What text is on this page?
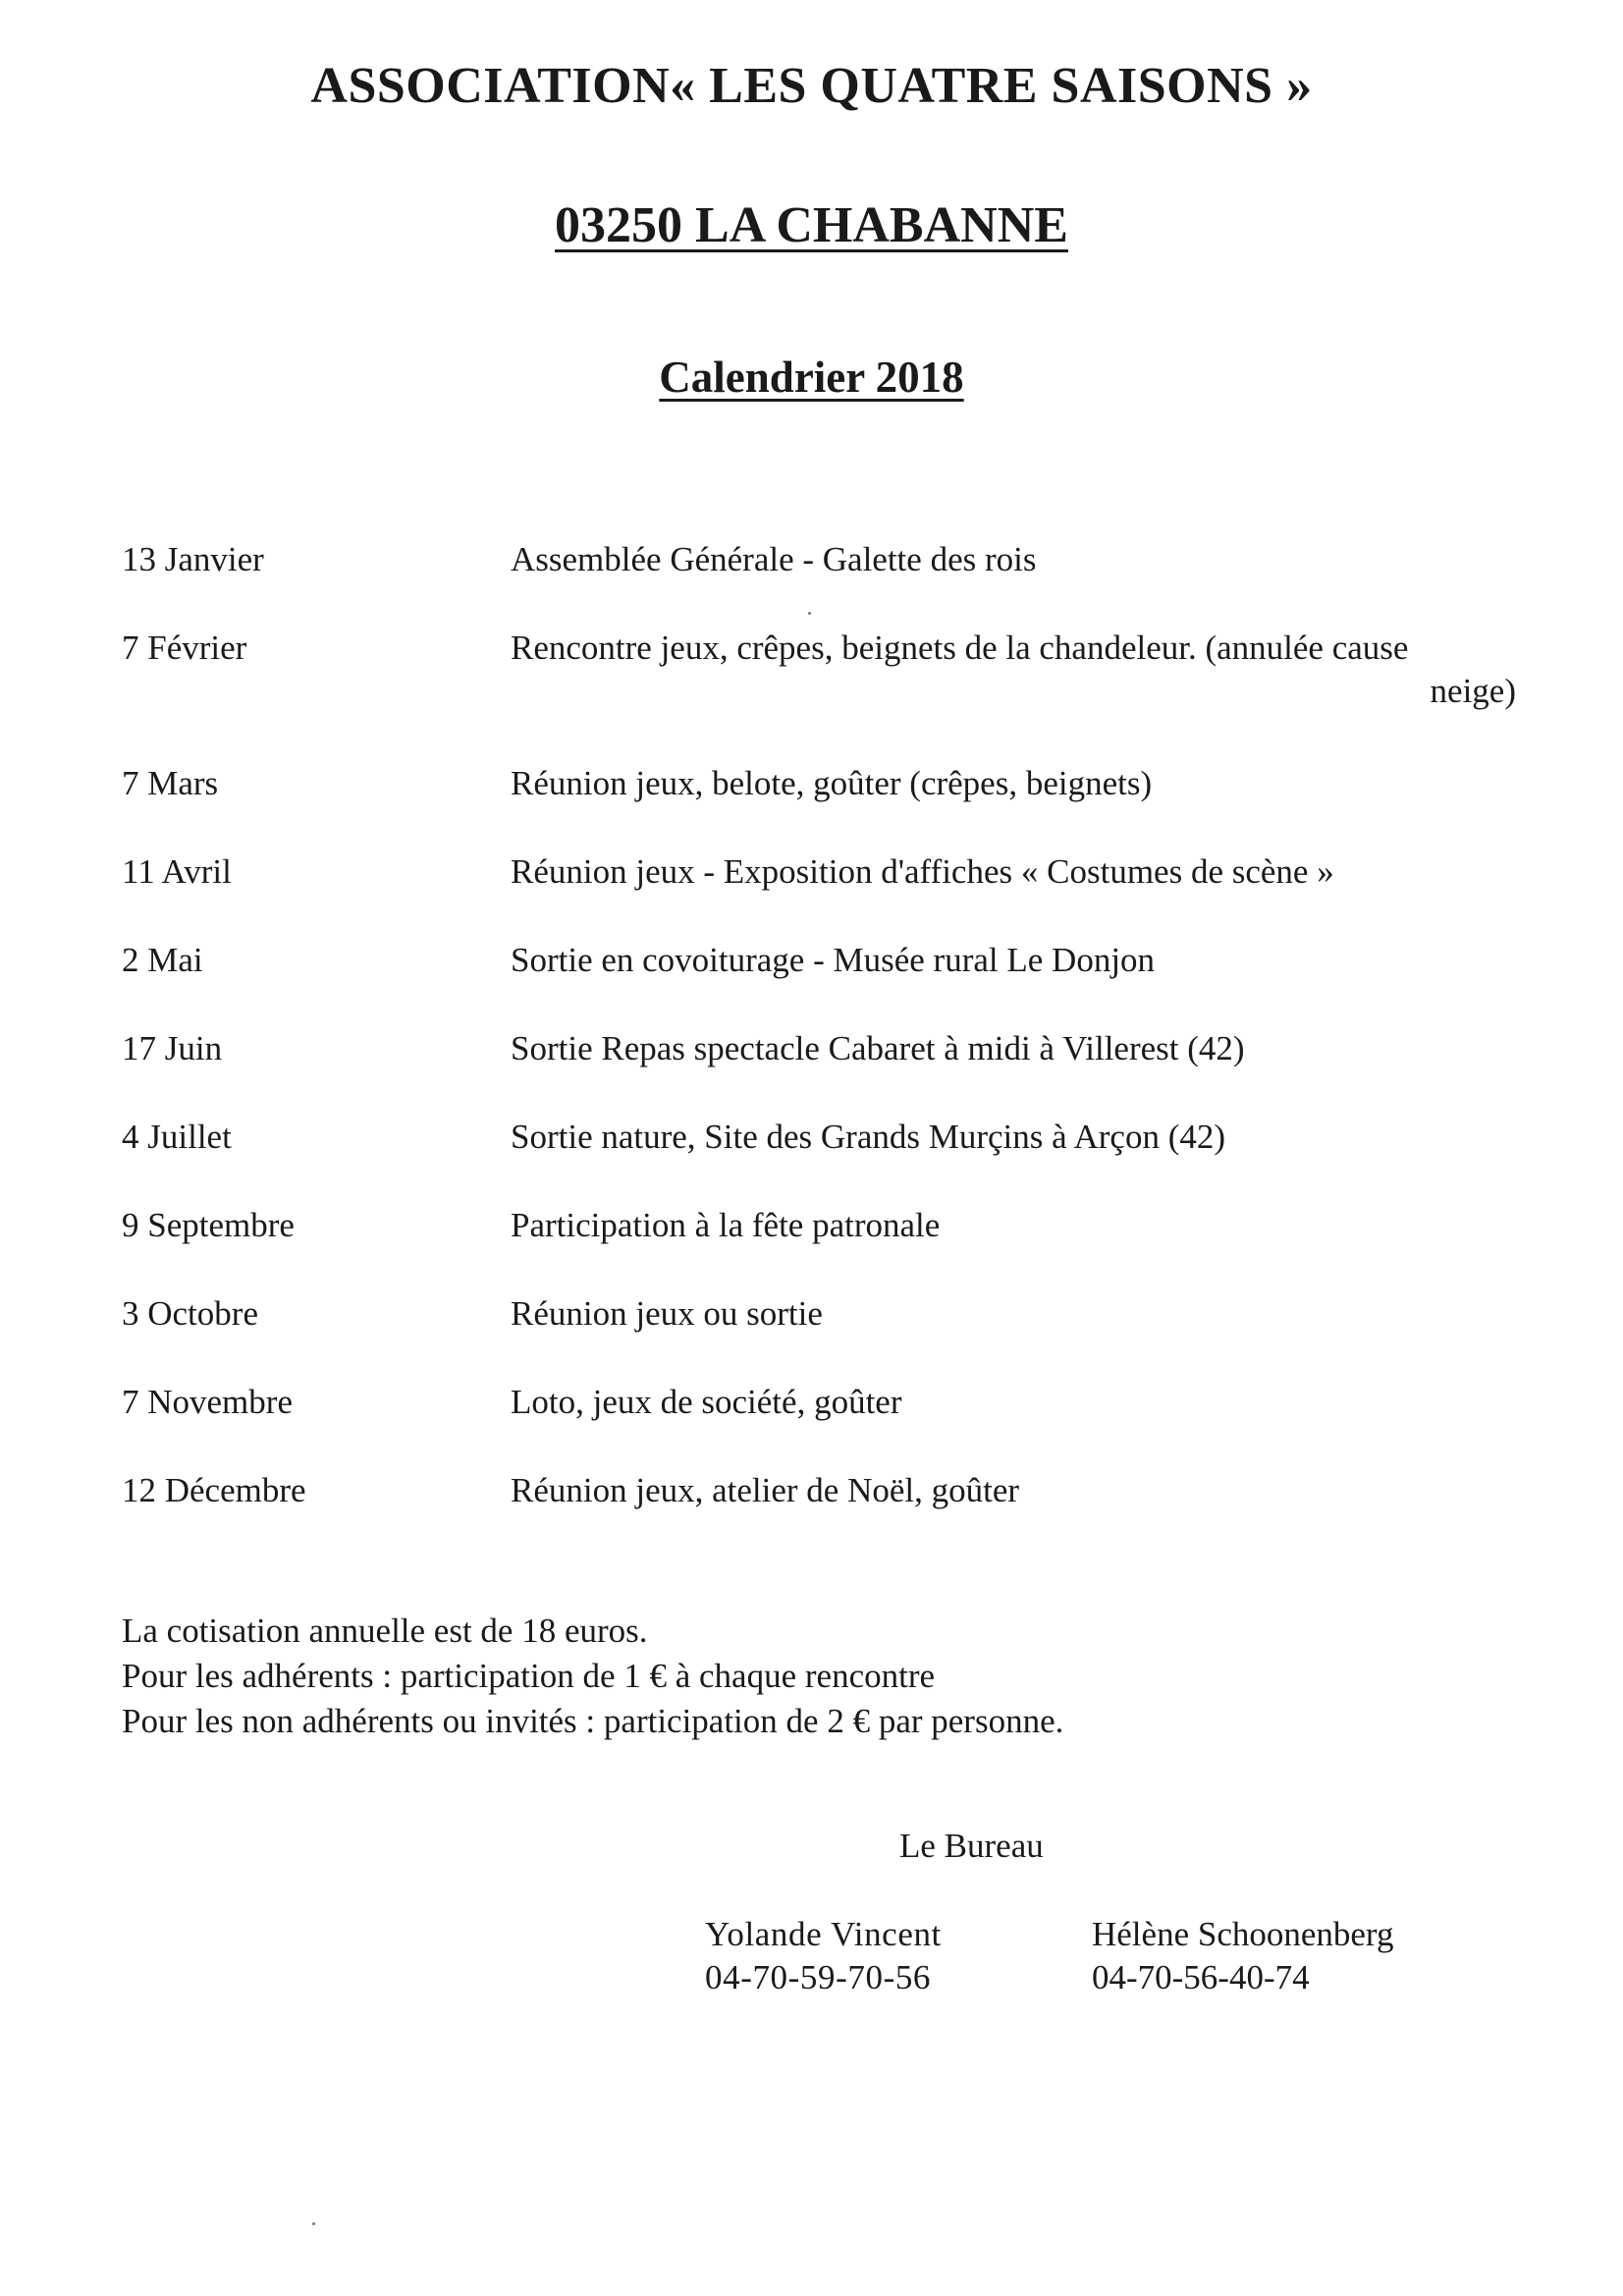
ASSOCIATION« LES QUATRE SAISONS »
03250 LA CHABANNE
Calendrier 2018
13 Janvier	Assemblée Générale - Galette des rois
7 Février	Rencontre jeux, crêpes, beignets de la chandeleur. (annulée cause
neige)
7 Mars	Réunion jeux, belote, goûter (crêpes, beignets)
11 Avril	Réunion jeux - Exposition d'affiches « Costumes de scène »
2 Mai	Sortie en covoiturage - Musée rural Le Donjon
17 Juin	Sortie Repas spectacle Cabaret à midi à Villerest (42)
4 Juillet	Sortie nature, Site des Grands Murçins à Arçon (42)
9 Septembre	Participation à la fête patronale
3 Octobre	Réunion jeux ou sortie
7 Novembre	Loto, jeux de société, goûter
12 Décembre	Réunion jeux, atelier de Noël, goûter

La cotisation annuelle est de 18 euros.

Pour les adhérents : participation de 1 € à chaque rencontre

Pour les non adhérents ou invités : participation de 2 € par personne.

Le Bureau
Yolande Vincent
04-70-59-70-56
Hélène Schoonenberg
04-70-56-40-74
